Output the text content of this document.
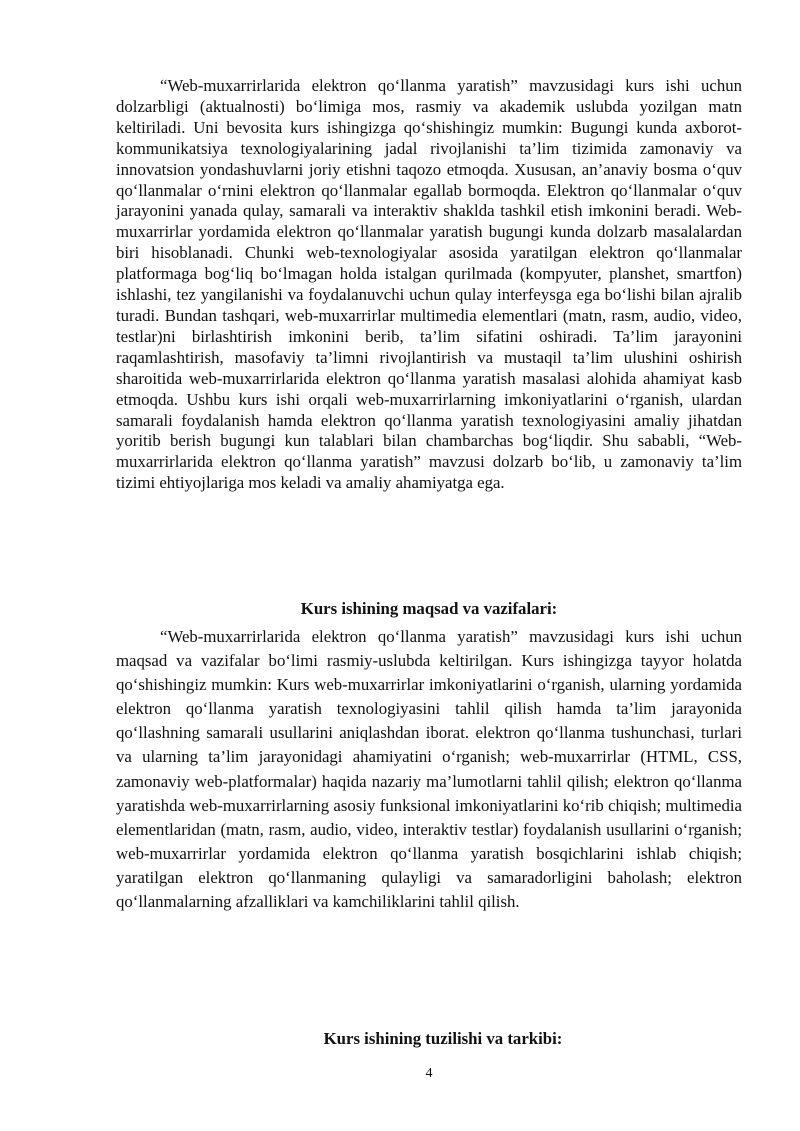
“Web-muxarrirlarida elektron qo‘llanma yaratish” mavzusidagi kurs ishi uchun dolzarbligi (aktualnosti) bo‘limiga mos, rasmiy va akademik uslubda yozilgan matn keltiriladi. Uni bevosita kurs ishingizga qo‘shishingiz mumkin: Bugungi kunda axborot-kommunikatsiya texnologiyalarining jadal rivojlanishi ta’lim tizimida zamonaviy va innovatsion yondashuvlarni joriy etishni taqozo etmoqda. Xususan, an’anaviy bosma o‘quv qo‘llanmalar o‘rnini elektron qo‘llanmalar egallab bormoqda. Elektron qo‘llanmalar o‘quv jarayonini yanada qulay, samarali va interaktiv shaklda tashkil etish imkonini beradi. Web-muxarrirlar yordamida elektron qo‘llanmalar yaratish bugungi kunda dolzarb masalalardan biri hisoblanadi. Chunki web-texnologiyalar asosida yaratilgan elektron qo‘llanmalar platformaga bog‘liq bo‘lmagan holda istalgan qurilmada (kompyuter, planshet, smartfon) ishlashi, tez yangilanishi va foydalanuvchi uchun qulay interfeysga ega bo‘lishi bilan ajralib turadi. Bundan tashqari, web-muxarrirlar multimedia elementlari (matn, rasm, audio, video, testlar)ni birlashtirish imkonini berib, ta’lim sifatini oshiradi. Ta’lim jarayonini raqamlashtirish, masofaviy ta’limni rivojlantirish va mustaqil ta’lim ulushini oshirish sharoitida web-muxarrirlarida elektron qo‘llanma yaratish masalasi alohida ahamiyat kasb etmoqda. Ushbu kurs ishi orqali web-muxarrirlarning imkoniyatlarini o‘rganish, ulardan samarali foydalanish hamda elektron qo‘llanma yaratish texnologiyasini amaliy jihatdan yoritib berish bugungi kun talablari bilan chambarchas bog‘liqdir. Shu sababli, “Web-muxarrirlarida elektron qo‘llanma yaratish” mavzusi dolzarb bo‘lib, u zamonaviy ta’lim tizimi ehtiyojlariga mos keladi va amaliy ahamiyatga ega.

Kurs ishining maqsad va vazifalari:

“Web-muxarrirlarida elektron qo‘llanma yaratish” mavzusidagi kurs ishi uchun maqsad va vazifalar bo‘limi rasmiy-uslubda keltirilgan. Kurs ishingizga tayyor holatda qo‘shishingiz mumkin: Kurs web-muxarrirlar imkoniyatlarini o‘rganish, ularning yordamida elektron qo‘llanma yaratish texnologiyasini tahlil qilish hamda ta’lim jarayonida qo‘llashning samarali usullarini aniqlashdan iborat. elektron qo‘llanma tushunchasi, turlari va ularning ta’lim jarayonidagi ahamiyatini o‘rganish; web-muxarrirlar (HTML, CSS, zamonaviy web-platformalar) haqida nazariy ma’lumotlarni tahlil qilish; elektron qo‘llanma yaratishda web-muxarrirlarning asosiy funksional imkoniyatlarini ko‘rib chiqish; multimedia elementlaridan (matn, rasm, audio, video, interaktiv testlar) foydalanish usullarini o‘rganish; web-muxarrirlar yordamida elektron qo‘llanma yaratish bosqichlarini ishlab chiqish; yaratilgan elektron qo‘llanmaning qulayligi va samaradorligini baholash; elektron qo‘llanmalarning afzalliklari va kamchiliklarini tahlil qilish.

Kurs ishining tuzilishi va tarkibi:

4
